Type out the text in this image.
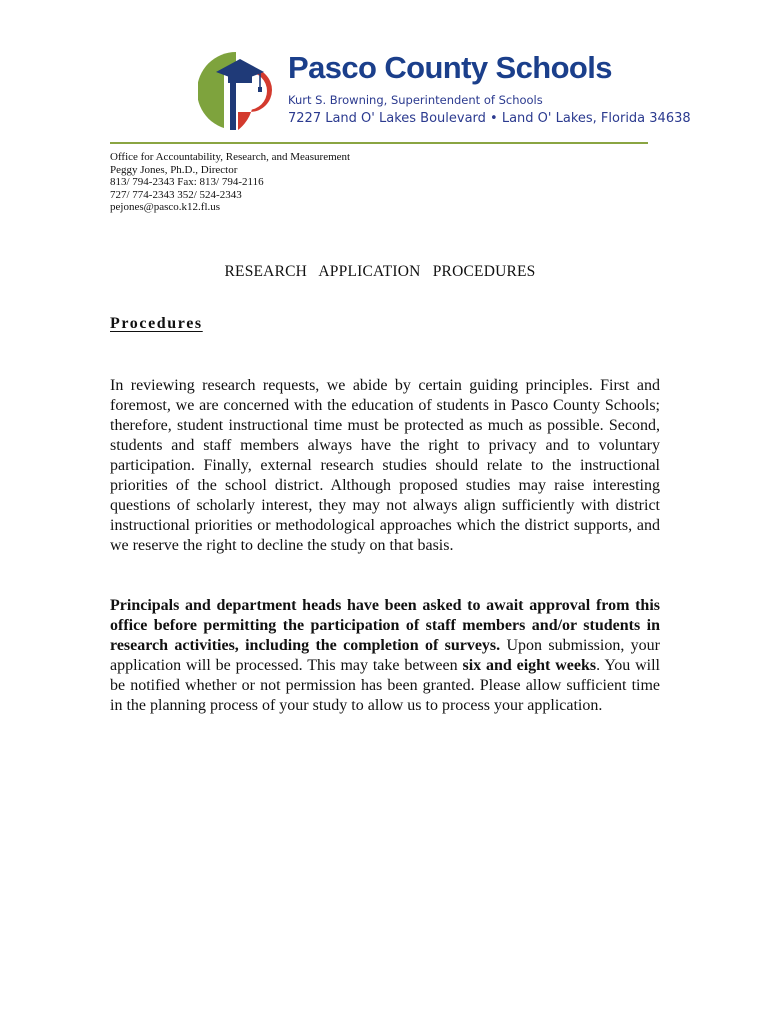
Pasco County Schools
Kurt S. Browning, Superintendent of Schools
7227 Land O' Lakes Boulevard • Land O' Lakes, Florida 34638
Office for Accountability, Research, and Measurement
Peggy Jones, Ph.D., Director
813/ 794-2343 Fax: 813/ 794-2116
727/ 774-2343 352/ 524-2343
pejones@pasco.k12.fl.us
RESEARCH   APPLICATION   PROCEDURES
Procedures

In reviewing research requests, we abide by certain guiding principles. First and foremost, we are concerned with the education of students in Pasco County Schools; therefore, student instructional time must be protected as much as possible. Second, students and staff members always have the right to privacy and to voluntary participation. Finally, external research studies should relate to the instructional priorities of the school district. Although proposed studies may raise interesting questions of scholarly interest, they may not always align sufficiently with district instructional priorities or methodological approaches which the district supports, and we reserve the right to decline the study on that basis.

Principals and department heads have been asked to await approval from this office before permitting the participation of staff members and/or students in research activities, including the completion of surveys. Upon submission, your application will be processed. This may take between six and eight weeks. You will be notified whether or not permission has been granted. Please allow sufficient time in the planning process of your study to allow us to process your application.
